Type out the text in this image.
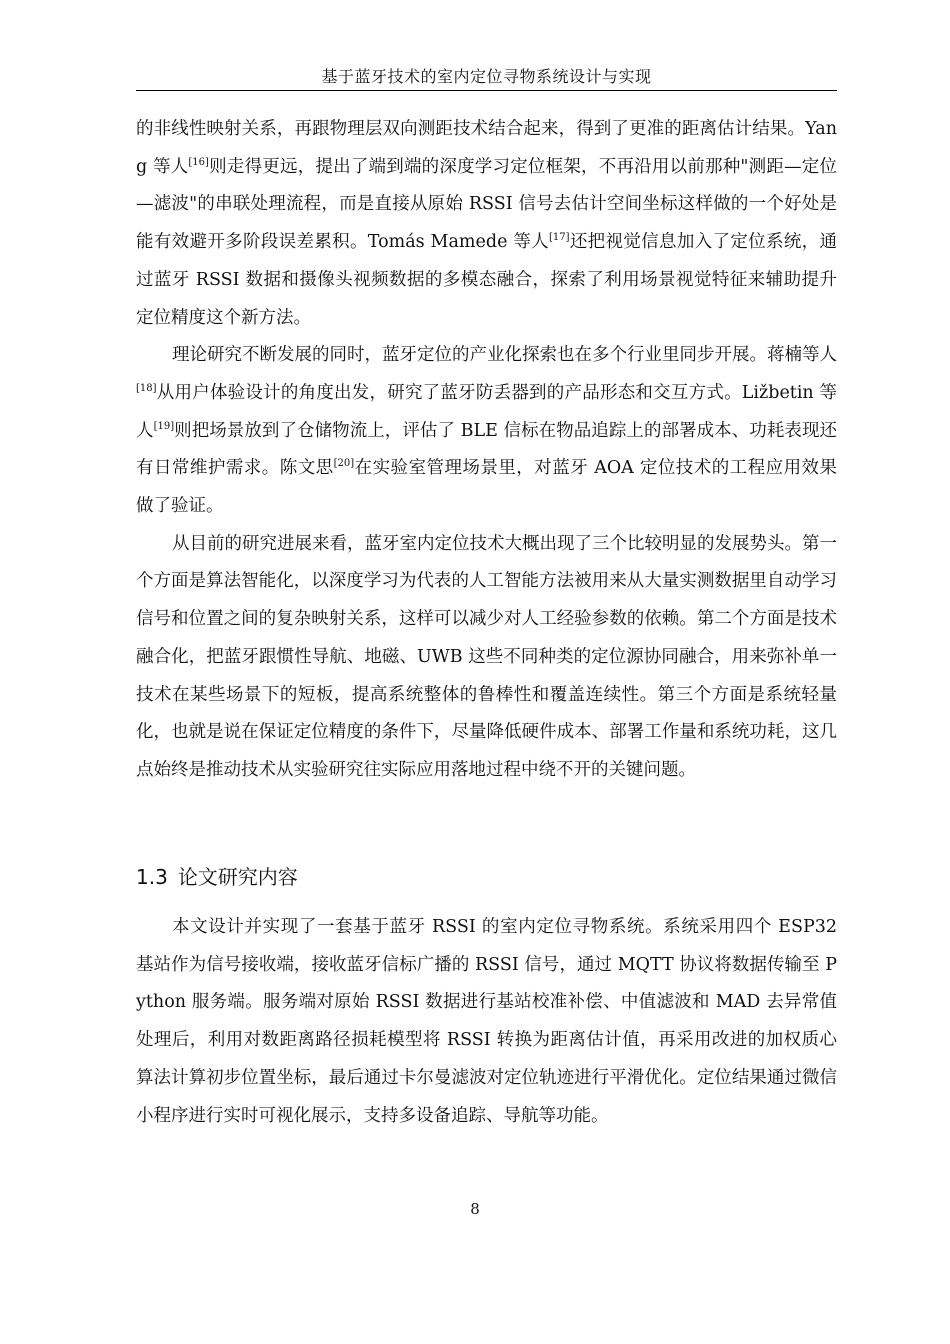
基于蓝牙技术的室内定位寻物系统设计与实现

的非线性映射关系，再跟物理层双向测距技术结合起来，得到了更准的距离估计结果。Yang 等人[16]则走得更远，提出了端到端的深度学习定位框架，不再沿用以前那种"测距—定位—滤波"的串联处理流程，而是直接从原始 RSSI 信号去估计空间坐标这样做的一个好处是能有效避开多阶段误差累积。Tomás Mamede 等人[17]还把视觉信息加入了定位系统，通过蓝牙 RSSI 数据和摄像头视频数据的多模态融合，探索了利用场景视觉特征来辅助提升定位精度这个新方法。

理论研究不断发展的同时，蓝牙定位的产业化探索也在多个行业里同步开展。蒋楠等人[18]从用户体验设计的角度出发，研究了蓝牙防丢器到的产品形态和交互方式。Ližbetin 等人[19]则把场景放到了仓储物流上，评估了 BLE 信标在物品追踪上的部署成本、功耗表现还有日常维护需求。陈文思[20]在实验室管理场景里，对蓝牙 AOA 定位技术的工程应用效果做了验证。

从目前的研究进展来看，蓝牙室内定位技术大概出现了三个比较明显的发展势头。第一个方面是算法智能化，以深度学习为代表的人工智能方法被用来从大量实测数据里自动学习信号和位置之间的复杂映射关系，这样可以减少对人工经验参数的依赖。第二个方面是技术融合化，把蓝牙跟惯性导航、地磁、UWB 这些不同种类的定位源协同融合，用来弥补单一技术在某些场景下的短板，提高系统整体的鲁棒性和覆盖连续性。第三个方面是系统轻量化，也就是说在保证定位精度的条件下，尽量降低硬件成本、部署工作量和系统功耗，这几点始终是推动技术从实验研究往实际应用落地过程中绕不开的关键问题。

1.3 论文研究内容

本文设计并实现了一套基于蓝牙 RSSI 的室内定位寻物系统。系统采用四个 ESP32 基站作为信号接收端，接收蓝牙信标广播的 RSSI 信号，通过 MQTT 协议将数据传输至 Python 服务端。服务端对原始 RSSI 数据进行基站校准补偿、中值滤波和 MAD 去异常值处理后，利用对数距离路径损耗模型将 RSSI 转换为距离估计值，再采用改进的加权质心算法计算初步位置坐标，最后通过卡尔曼滤波对定位轨迹进行平滑优化。定位结果通过微信小程序进行实时可视化展示，支持多设备追踪、导航等功能。

8
